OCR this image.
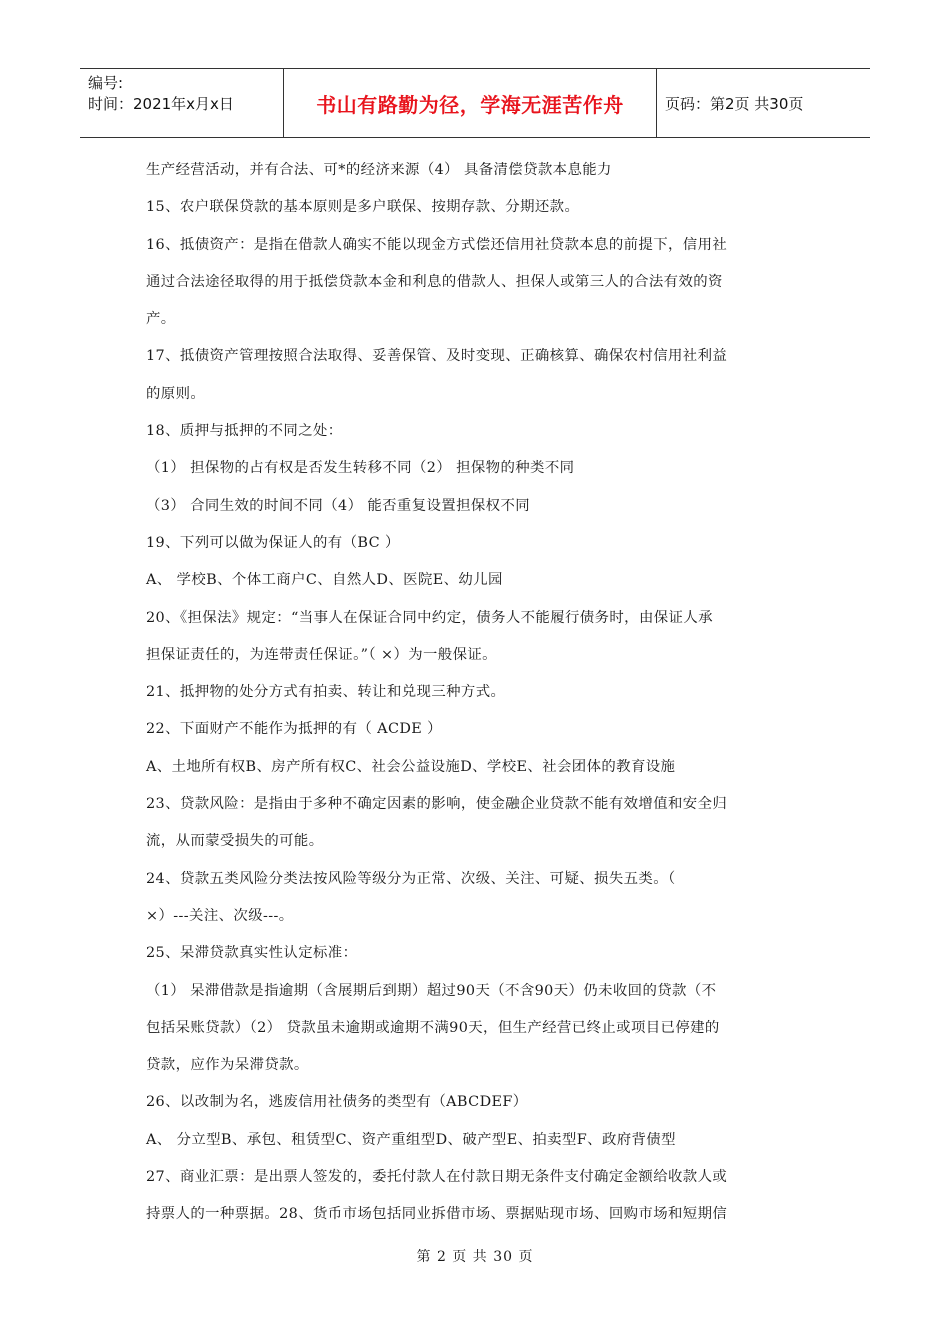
编号:
时间：2021年x月x日	书山有路勤为径，学海无涯苦作舟	页码：第2页 共30页
生产经营活动，并有合法、可*的经济来源（4） 具备清偿贷款本息能力
15、农户联保贷款的基本原则是多户联保、按期存款、分期还款。
16、抵债资产：是指在借款人确实不能以现金方式偿还信用社贷款本息的前提下，信用社
通过合法途径取得的用于抵偿贷款本金和利息的借款人、担保人或第三人的合法有效的资
产。
17、抵债资产管理按照合法取得、妥善保管、及时变现、正确核算、确保农村信用社利益
的原则。
18、质押与抵押的不同之处：
（1） 担保物的占有权是否发生转移不同（2） 担保物的种类不同
（3） 合同生效的时间不同（4） 能否重复设置担保权不同
19、下列可以做为保证人的有（BC ）
A、 学校B、个体工商户C、自然人D、医院E、幼儿园
20、《担保法》规定：“当事人在保证合同中约定，债务人不能履行债务时，由保证人承
担保证责任的，为连带责任保证。”（ ×）为一般保证。
21、抵押物的处分方式有拍卖、转让和兑现三种方式。
22、下面财产不能作为抵押的有（ ACDE ）
A、土地所有权B、房产所有权C、社会公益设施D、学校E、社会团体的教育设施
23、贷款风险：是指由于多种不确定因素的影响，使金融企业贷款不能有效增值和安全归
流，从而蒙受损失的可能。
24、贷款五类风险分类法按风险等级分为正常、次级、关注、可疑、损失五类。（
×）---关注、次级---。
25、呆滞贷款真实性认定标准：
（1） 呆滞借款是指逾期（含展期后到期）超过90天（不含90天）仍未收回的贷款（不
包括呆账贷款）（2） 贷款虽未逾期或逾期不满90天，但生产经营已终止或项目已停建的
贷款，应作为呆滞贷款。
26、以改制为名，逃废信用社债务的类型有（ABCDEF）
A、 分立型B、承包、租赁型C、资产重组型D、破产型E、拍卖型F、政府背债型
27、商业汇票：是出票人签发的，委托付款人在付款日期无条件支付确定金额给收款人或
持票人的一种票据。28、货币市场包括同业拆借市场、票据贴现市场、回购市场和短期信
第 2 页 共 30 页
